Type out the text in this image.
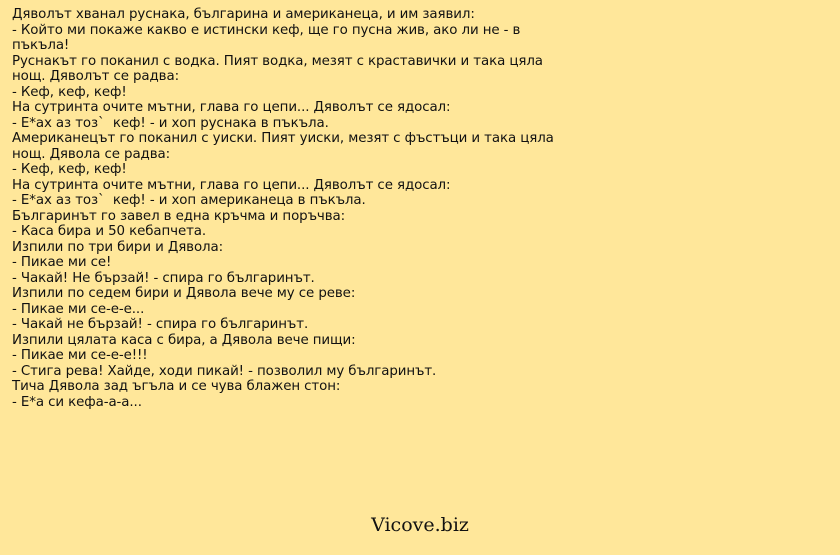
Дяволът хванал руснака, българина и американеца, и им заявил:

- Който ми покаже какво е истински кеф, ще го пусна жив, ако ли не - в пъкъла!

Руснакът го поканил с водка. Пият водка, мезят с краставички и така цяла нощ. Дяволът се радва:

- Кеф, кеф, кеф!

На сутринта очите мътни, глава го цепи... Дяволът се ядосал:

- Е*ах аз тоз`  кеф! - и хоп руснака в пъкъла.

Американецът го поканил с уиски. Пият уиски, мезят с фъстъци и така цяла нощ. Дявола се радва:

- Кеф, кеф, кеф!

На сутринта очите мътни, глава го цепи... Дяволът се ядосал:

- Е*ах аз тоз`  кеф! - и хоп американеца в пъкъла.

Българинът го завел в една кръчма и поръчва:

- Каса бира и 50 кебапчета.

Изпили по три бири и Дявола:

- Пикае ми се!

- Чакай! Не бързай! - спира го българинът.

Изпили по седем бири и Дявола вече му се реве:

- Пикае ми се-е-е...

- Чакай не бързай! - спира го българинът.

Изпили цялата каса с бира, а Дявола вече пищи:

- Пикае ми се-е-е!!!

- Стига рева! Хайде, ходи пикай! - позволил му българинът.

Тича Дявола зад ъгъла и се чува блажен стон:

- Е*а си кефа-а-а...

Vicove.biz
